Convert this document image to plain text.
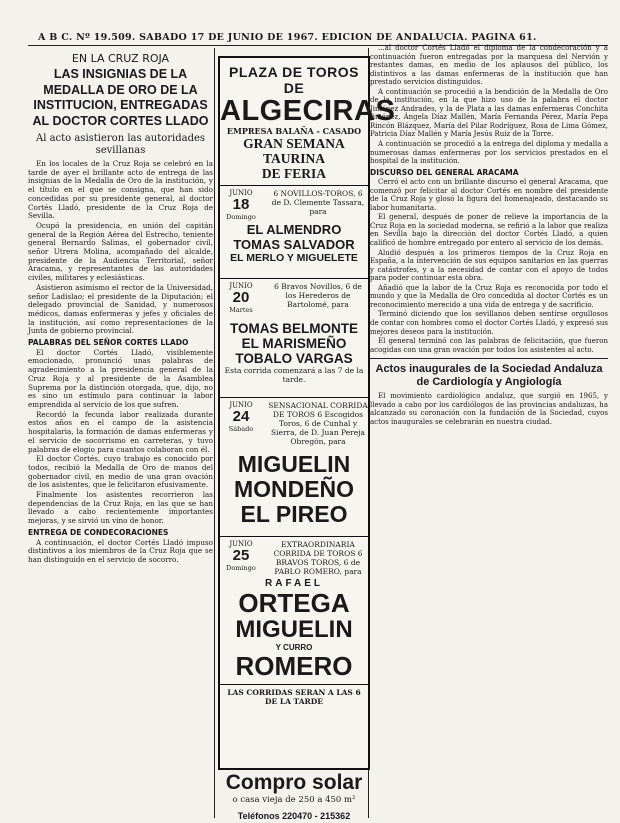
A B C. Nº 19.509. SABADO 17 DE JUNIO DE 1967. EDICION DE ANDALUCIA. PAGINA 61.
EN LA CRUZ ROJA
LAS INSIGNIAS DE LA MEDALLA DE ORO DE LA INSTITUCION, ENTREGADAS AL DOCTOR CORTES LLADO
Al acto asistieron las autoridades sevillanas

En los locales de la Cruz Roja se celebró en la tarde de ayer el brillante acto de entrega de las insignias de la Medalla de Oro de la institución, y el título en el que se consigna, que han sido concedidas por su presidente general, al doctor Cortés Lladó, presidente de la Cruz Roja de Sevilla.

Ocupó la presidencia, en unión del capitán general de la Región Aérea del Estrecho, teniente general Bernardo Salinas, el gobernador civil, señor Utrera Molina, acompañado del alcalde, presidente de la Audiencia Territorial, señor Aracama, y representantes de las autoridades civiles, militares y eclesiásticas.

Asistieron asimismo el rector de la Universidad, señor Ladislao; el presidente de la Diputación; el delegado provincial de Sanidad, y numerosos médicos, damas enfermeras y jefes y oficiales de la institución, así como representaciones de la Junta de gobierno provincial.

PALABRAS DEL SEÑOR CORTES LLADO

El doctor Cortés Lladó, visiblemente emocionado, pronunció unas palabras de agradecimiento a la presidencia general de la Cruz Roja y al presidente de la Asamblea Suprema por la distinción otorgada, que, dijo, no es sino un estímulo para continuar la labor emprendida al servicio de los que sufren.

Recordó la fecunda labor realizada durante estos años en el campo de la asistencia hospitalaria, la formación de damas enfermeras y el servicio de socorrismo en carreteras, y tuvo palabras de elogio para cuantos colaboran con él.

El doctor Cortés, cuyo trabajo es conocido por todos, recibió la Medalla de Oro de manos del gobernador civil, en medio de una gran ovación de los asistentes, que le felicitaron efusivamente.

Finalmente los asistentes recorrieron las dependencias de la Cruz Roja, en las que se han llevado a cabo recientemente importantes mejoras, y se sirvió un vino de honor.

ENTREGA DE CONDECORACIONES

A continuación, el doctor Cortés Lladó impuso distintivos a los miembros de la Cruz Roja que se han distinguido en el servicio de socorro.

PLAZA DE TOROS DE
ALGECIRAS
EMPRESA BALAÑA - CASADO
GRAN SEMANA TAURINA
DE FERIA
JUNIO
18
Domingo
6 NOVILLOS-TOROS, 6 de D. Clemente Tassara, para
EL ALMENDRO
TOMAS SALVADOR
EL MERLO Y MIGUELETE
JUNIO
20
Martes
6 Bravos Novillos, 6 de los Herederos de Bartolomé, para
TOMAS BELMONTE
EL MARISMEÑO
TOBALO VARGAS
Esta corrida comenzará a las 7 de la tarde.
JUNIO
24
Sábado
SENSACIONAL CORRIDA DE TOROS 6 Escogidos Toros, 6 de Cunhal y Sierra, de D. Juan Pereja Obregón, para
MIGUELIN
MONDEÑO
EL PIREO
JUNIO
25
Domingo
EXTRAORDINARIA CORRIDA DE TOROS 6 BRAVOS TOROS, 6 de PABLO ROMERO, para
RAFAEL
ORTEGA
MIGUELIN
Y CURRO
ROMERO
LAS CORRIDAS SERAN A LAS 6 DE LA TARDE
Compro solar
o casa vieja de 250 a 450 m²
Teléfonos 220470 - 215362

...al doctor Cortés Lladó el diploma de la condecoración y a continuación fueron entregadas por la marquesa del Nervión y restantes damas, en medio de los aplausos del público, los distintivos a las damas enfermeras de la institución que han prestado servicios distinguidos.

A continuación se procedió a la bendición de la Medalla de Oro de la institución, en la que hizo uso de la palabra el doctor Jiménez Andrades, y la de Plata a las damas enfermeras Conchita Jiménez, Ángela Díaz Mallén, María Fernanda Pérez, María Pepa Rincón Blázquez, María del Pilar Rodríguez, Rosa de Lima Gómez, Patricia Díaz Mallén y María Jesús Ruiz de la Torre.

A continuación se procedió a la entrega del diploma y medalla a numerosas damas enfermeras por los servicios prestados en el hospital de la institución.

DISCURSO DEL GENERAL ARACAMA

Cerró el acto con un brillante discurso el general Aracama, que comenzó por felicitar al doctor Cortés en nombre del presidente de la Cruz Roja y glosó la figura del homenajeado, destacando su labor humanitaria.

El general, después de poner de relieve la importancia de la Cruz Roja en la sociedad moderna, se refirió a la labor que realiza en Sevilla bajo la dirección del doctor Cortés Lladó, a quien calificó de hombre entregado por entero al servicio de los demás.

Aludió después a los primeros tiempos de la Cruz Roja en España, a la intervención de sus equipos sanitarios en las guerras y catástrofes, y a la necesidad de contar con el apoyo de todos para poder continuar esta obra.

Añadió que la labor de la Cruz Roja es reconocida por todo el mundo y que la Medalla de Oro concedida al doctor Cortés es un reconocimiento merecido a una vida de entrega y de sacrificio.

Terminó diciendo que los sevillanos deben sentirse orgullosos de contar con hombres como el doctor Cortés Lladó, y expresó sus mejores deseos para la institución.

El general terminó con las palabras de felicitación, que fueron acogidas con una gran ovación por todos los asistentes al acto.

Actos inaugurales de la Sociedad Andaluza de Cardiología y Angiología

El movimiento cardiológico andaluz, que surgió en 1965, y llevado a cabo por los cardiólogos de las provincias andaluzas, ha alcanzado su coronación con la fundación de la Sociedad, cuyos actos inaugurales se celebrarán en nuestra ciudad.
